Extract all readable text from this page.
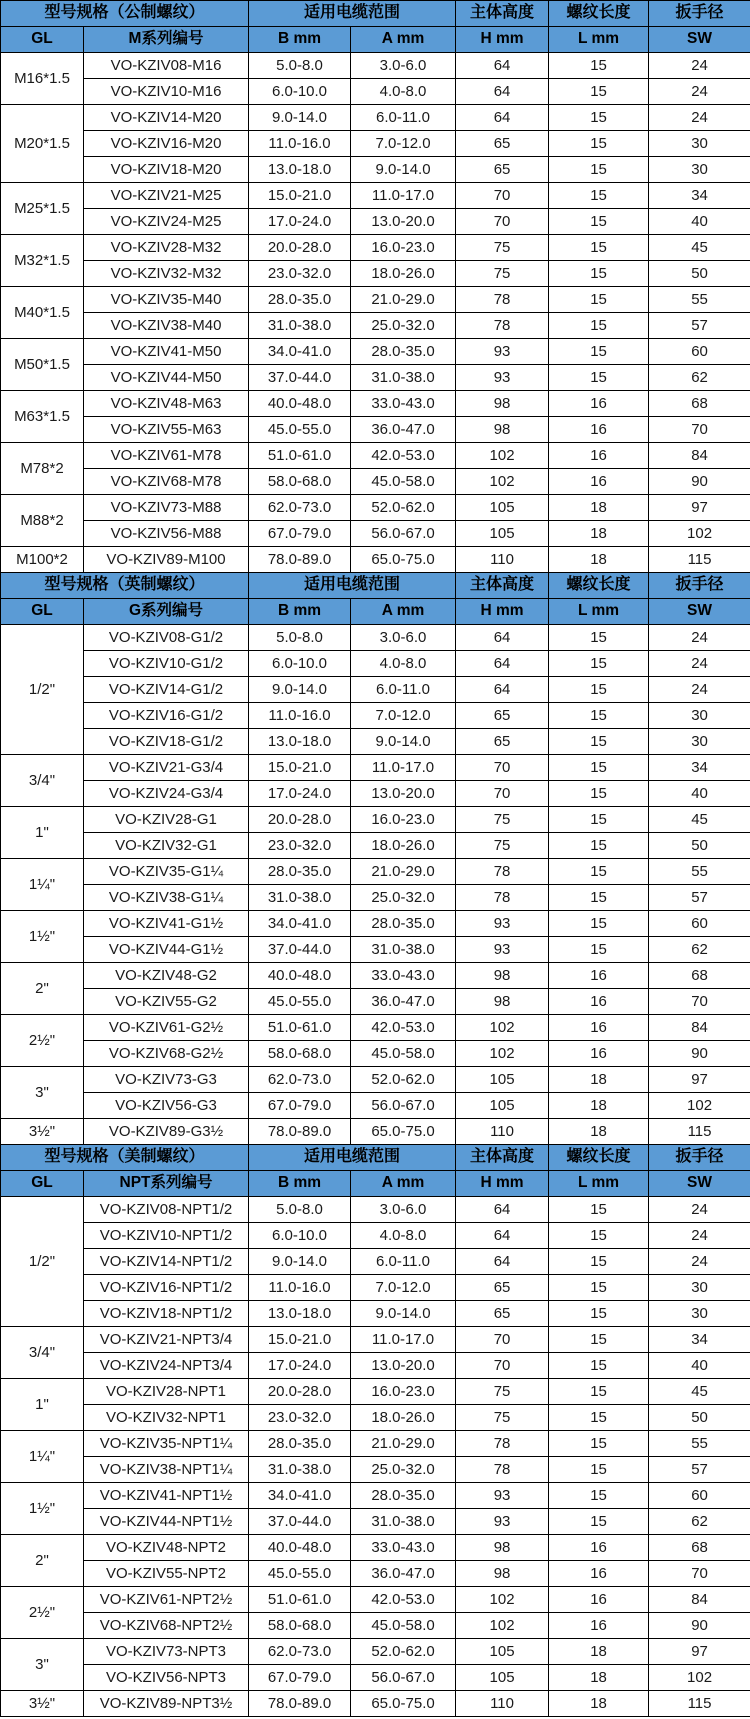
型号规格（公制螺纹）		适用电缆范围		主体高度	螺纹长度	扳手径
GL	M系列编号	B mm	A mm	H mm	L mm	SW
M16*1.5	VO-KZIV08-M16	5.0-8.0	3.0-6.0	64	15	24
	VO-KZIV10-M16	6.0-10.0	4.0-8.0	64	15	24
M20*1.5	VO-KZIV14-M20	9.0-14.0	6.0-11.0	64	15	24
	VO-KZIV16-M20	11.0-16.0	7.0-12.0	65	15	30
	VO-KZIV18-M20	13.0-18.0	9.0-14.0	65	15	30
M25*1.5	VO-KZIV21-M25	15.0-21.0	11.0-17.0	70	15	34
	VO-KZIV24-M25	17.0-24.0	13.0-20.0	70	15	40
M32*1.5	VO-KZIV28-M32	20.0-28.0	16.0-23.0	75	15	45
	VO-KZIV32-M32	23.0-32.0	18.0-26.0	75	15	50
M40*1.5	VO-KZIV35-M40	28.0-35.0	21.0-29.0	78	15	55
	VO-KZIV38-M40	31.0-38.0	25.0-32.0	78	15	57
M50*1.5	VO-KZIV41-M50	34.0-41.0	28.0-35.0	93	15	60
	VO-KZIV44-M50	37.0-44.0	31.0-38.0	93	15	62
M63*1.5	VO-KZIV48-M63	40.0-48.0	33.0-43.0	98	16	68
	VO-KZIV55-M63	45.0-55.0	36.0-47.0	98	16	70
M78*2	VO-KZIV61-M78	51.0-61.0	42.0-53.0	102	16	84
	VO-KZIV68-M78	58.0-68.0	45.0-58.0	102	16	90
M88*2	VO-KZIV73-M88	62.0-73.0	52.0-62.0	105	18	97
	VO-KZIV56-M88	67.0-79.0	56.0-67.0	105	18	102
M100*2	VO-KZIV89-M100	78.0-89.0	65.0-75.0	110	18	115
型号规格（英制螺纹）		适用电缆范围		主体高度	螺纹长度	扳手径
GL	G系列编号	B mm	A mm	H mm	L mm	SW
1/2"	VO-KZIV08-G1/2	5.0-8.0	3.0-6.0	64	15	24
	VO-KZIV10-G1/2	6.0-10.0	4.0-8.0	64	15	24
	VO-KZIV14-G1/2	9.0-14.0	6.0-11.0	64	15	24
	VO-KZIV16-G1/2	11.0-16.0	7.0-12.0	65	15	30
	VO-KZIV18-G1/2	13.0-18.0	9.0-14.0	65	15	30
3/4"	VO-KZIV21-G3/4	15.0-21.0	11.0-17.0	70	15	34
	VO-KZIV24-G3/4	17.0-24.0	13.0-20.0	70	15	40
1"	VO-KZIV28-G1	20.0-28.0	16.0-23.0	75	15	45
	VO-KZIV32-G1	23.0-32.0	18.0-26.0	75	15	50
1¼"	VO-KZIV35-G1¼	28.0-35.0	21.0-29.0	78	15	55
	VO-KZIV38-G1¼	31.0-38.0	25.0-32.0	78	15	57
1½"	VO-KZIV41-G1½	34.0-41.0	28.0-35.0	93	15	60
	VO-KZIV44-G1½	37.0-44.0	31.0-38.0	93	15	62
2"	VO-KZIV48-G2	40.0-48.0	33.0-43.0	98	16	68
	VO-KZIV55-G2	45.0-55.0	36.0-47.0	98	16	70
2½"	VO-KZIV61-G2½	51.0-61.0	42.0-53.0	102	16	84
	VO-KZIV68-G2½	58.0-68.0	45.0-58.0	102	16	90
3"	VO-KZIV73-G3	62.0-73.0	52.0-62.0	105	18	97
	VO-KZIV56-G3	67.0-79.0	56.0-67.0	105	18	102
3½"	VO-KZIV89-G3½	78.0-89.0	65.0-75.0	110	18	115
型号规格（美制螺纹）		适用电缆范围		主体高度	螺纹长度	扳手径
GL	NPT系列编号	B mm	A mm	H mm	L mm	SW
1/2"	VO-KZIV08-NPT1/2	5.0-8.0	3.0-6.0	64	15	24
	VO-KZIV10-NPT1/2	6.0-10.0	4.0-8.0	64	15	24
	VO-KZIV14-NPT1/2	9.0-14.0	6.0-11.0	64	15	24
	VO-KZIV16-NPT1/2	11.0-16.0	7.0-12.0	65	15	30
	VO-KZIV18-NPT1/2	13.0-18.0	9.0-14.0	65	15	30
3/4"	VO-KZIV21-NPT3/4	15.0-21.0	11.0-17.0	70	15	34
	VO-KZIV24-NPT3/4	17.0-24.0	13.0-20.0	70	15	40
1"	VO-KZIV28-NPT1	20.0-28.0	16.0-23.0	75	15	45
	VO-KZIV32-NPT1	23.0-32.0	18.0-26.0	75	15	50
1¼"	VO-KZIV35-NPT1¼	28.0-35.0	21.0-29.0	78	15	55
	VO-KZIV38-NPT1¼	31.0-38.0	25.0-32.0	78	15	57
1½"	VO-KZIV41-NPT1½	34.0-41.0	28.0-35.0	93	15	60
	VO-KZIV44-NPT1½	37.0-44.0	31.0-38.0	93	15	62
2"	VO-KZIV48-NPT2	40.0-48.0	33.0-43.0	98	16	68
	VO-KZIV55-NPT2	45.0-55.0	36.0-47.0	98	16	70
2½"	VO-KZIV61-NPT2½	51.0-61.0	42.0-53.0	102	16	84
	VO-KZIV68-NPT2½	58.0-68.0	45.0-58.0	102	16	90
3"	VO-KZIV73-NPT3	62.0-73.0	52.0-62.0	105	18	97
	VO-KZIV56-NPT3	67.0-79.0	56.0-67.0	105	18	102
3½"	VO-KZIV89-NPT3½	78.0-89.0	65.0-75.0	110	18	115
